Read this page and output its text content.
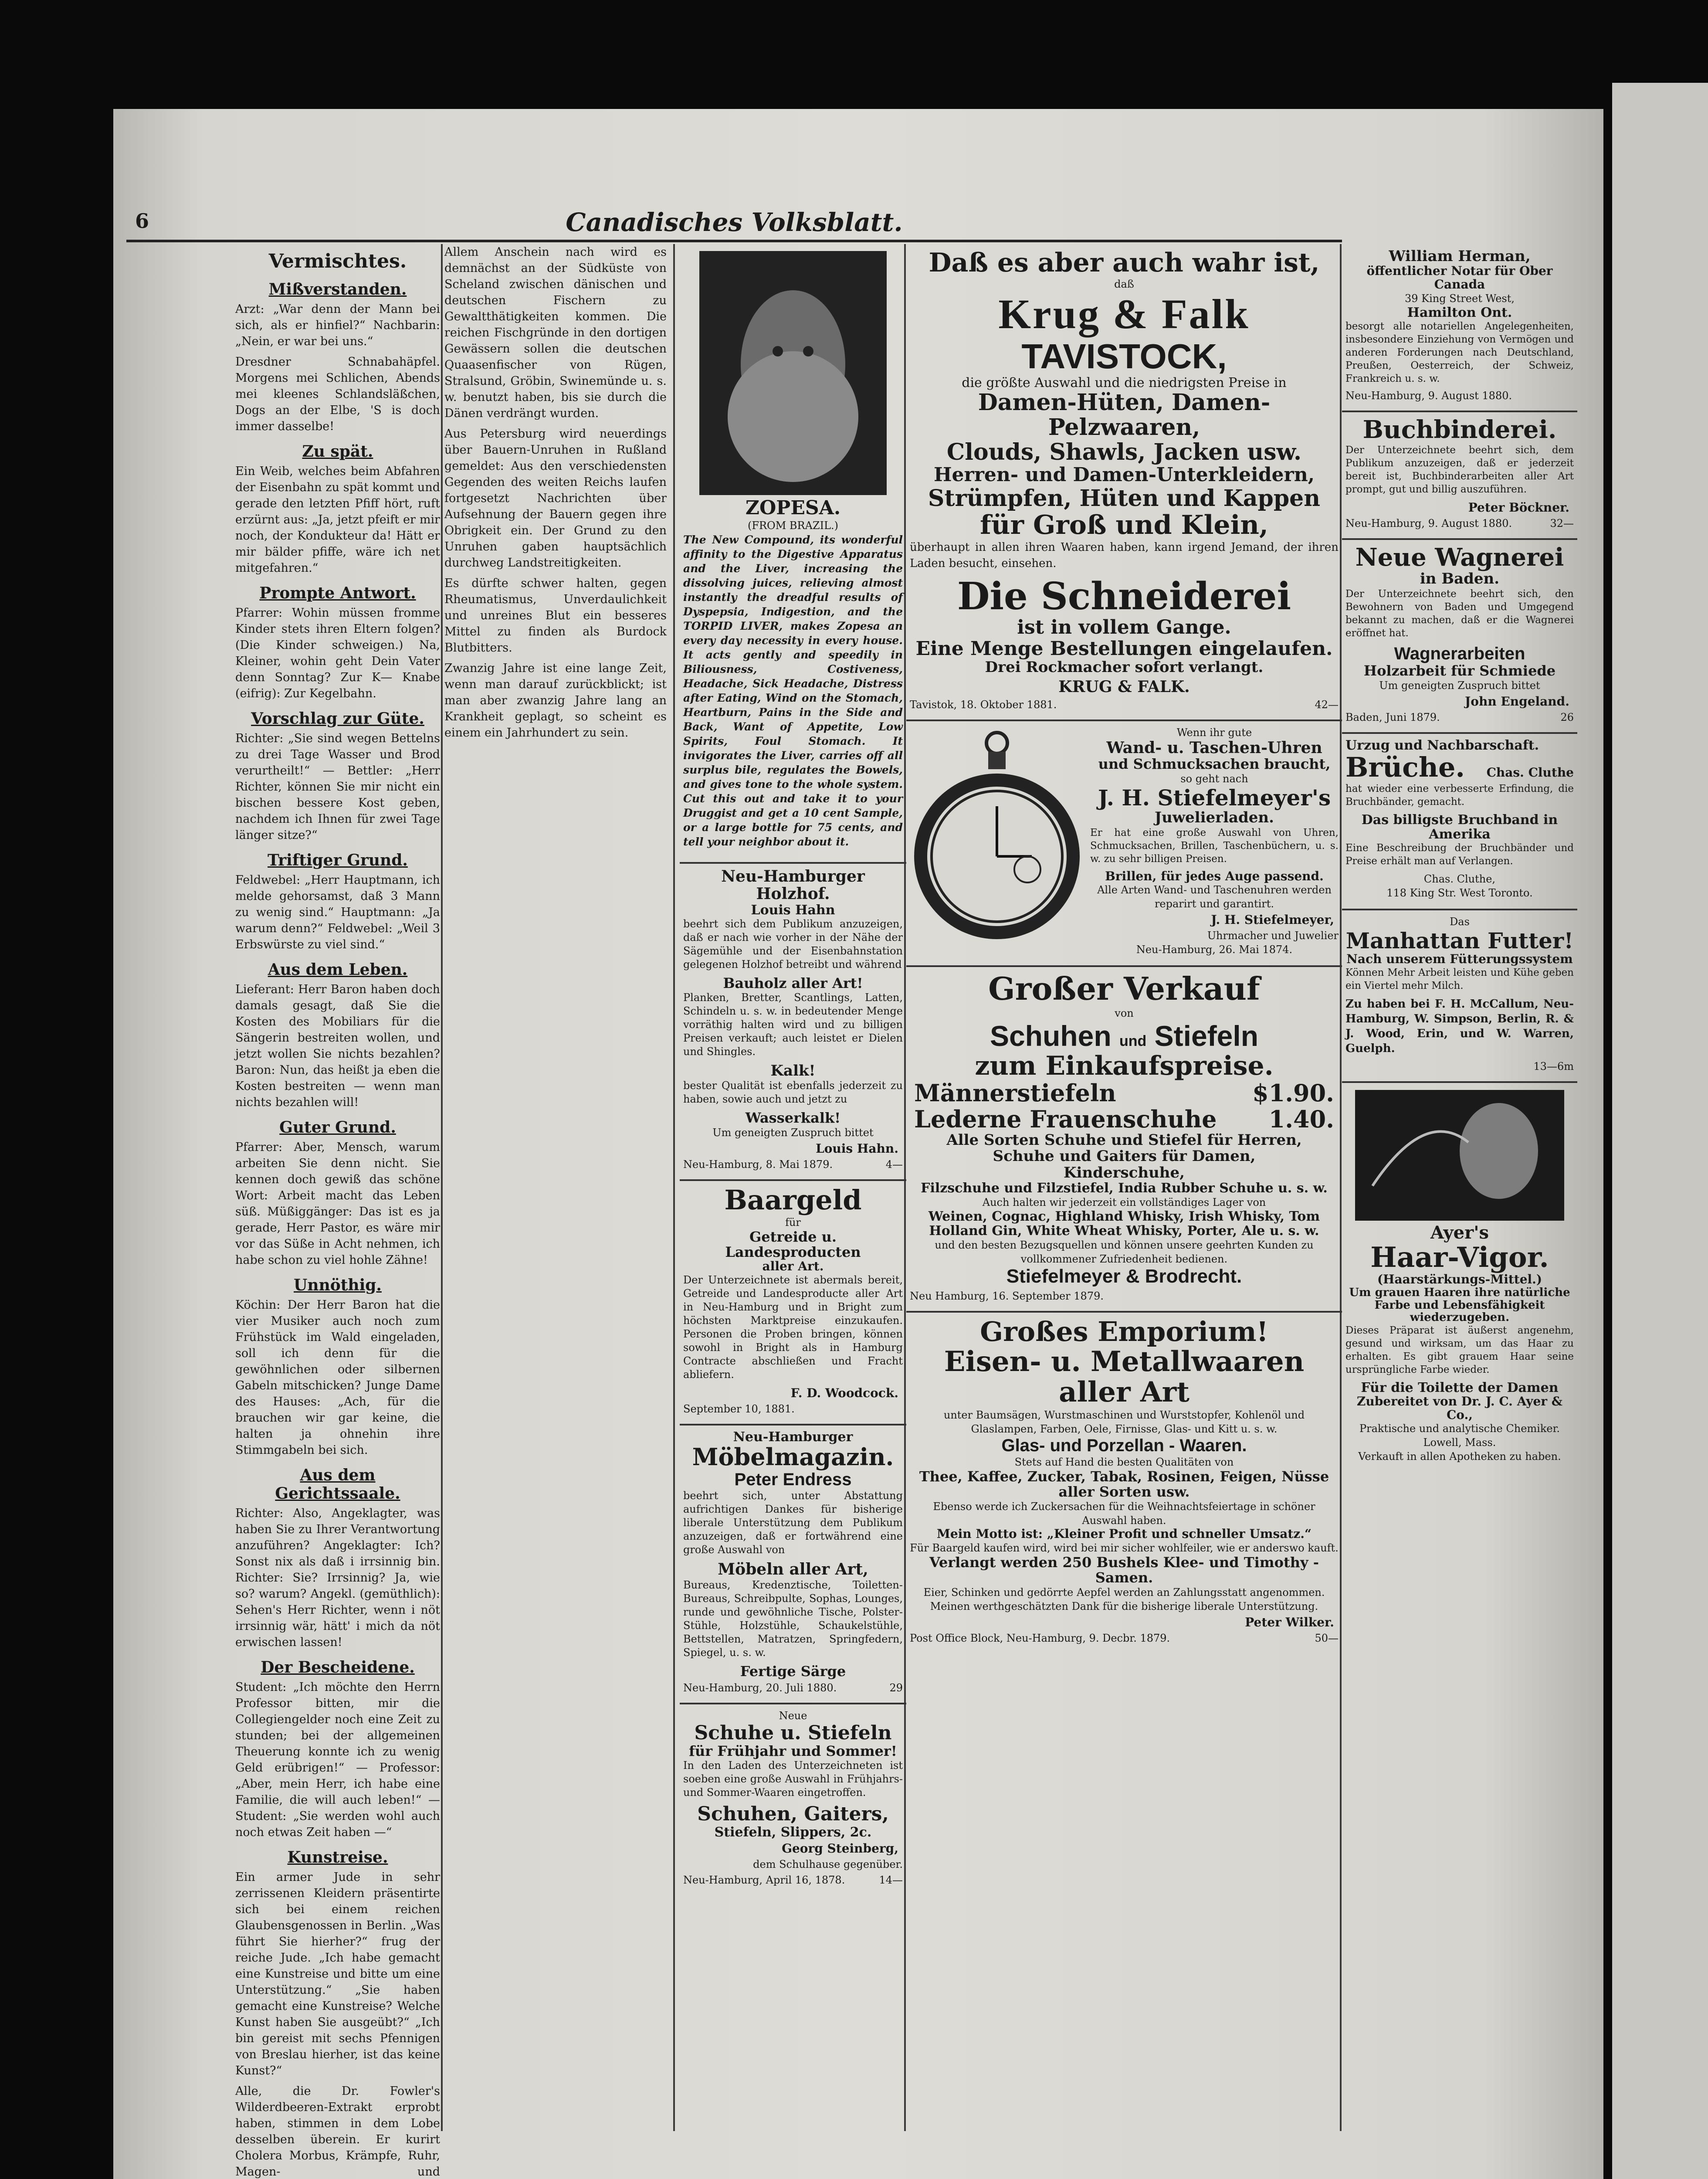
6	Canadisches Volksblatt.
Vermischtes.
Mißverstanden.

Arzt: „War denn der Mann bei sich, als er hinfiel?“ Nachbarin: „Nein, er war bei uns.“

Dresdner Schnabahäpfel. Morgens mei Schlichen, Abends mei kleenes Schlandsläßchen, Dogs an der Elbe, 'S is doch immer dasselbe!

Zu spät.

Ein Weib, welches beim Abfahren der Eisenbahn zu spät kommt und gerade den letzten Pfiff hört, ruft erzürnt aus: „Ja, jetzt pfeift er mir noch, der Kondukteur da! Hätt er mir bälder pfiffe, wäre ich net mitgefahren.“

Prompte Antwort.

Pfarrer: Wohin müssen fromme Kinder stets ihren Eltern folgen? (Die Kinder schweigen.) Na, Kleiner, wohin geht Dein Vater denn Sonntag? Zur K— Knabe (eifrig): Zur Kegelbahn.

Vorschlag zur Güte.

Richter: „Sie sind wegen Bettelns zu drei Tage Wasser und Brod verurtheilt!“ — Bettler: „Herr Richter, können Sie mir nicht ein bischen bessere Kost geben, nachdem ich Ihnen für zwei Tage länger sitze?“

Triftiger Grund.

Feldwebel: „Herr Hauptmann, ich melde gehorsamst, daß 3 Mann zu wenig sind.“ Hauptmann: „Ja warum denn?“ Feldwebel: „Weil 3 Erbswürste zu viel sind.“

Aus dem Leben.

Lieferant: Herr Baron haben doch damals gesagt, daß Sie die Kosten des Mobiliars für die Sängerin bestreiten wollen, und jetzt wollen Sie nichts bezahlen? Baron: Nun, das heißt ja eben die Kosten bestreiten — wenn man nichts bezahlen will!

Guter Grund.

Pfarrer: Aber, Mensch, warum arbeiten Sie denn nicht. Sie kennen doch gewiß das schöne Wort: Arbeit macht das Leben süß. Müßiggänger: Das ist es ja gerade, Herr Pastor, es wäre mir vor das Süße in Acht nehmen, ich habe schon zu viel hohle Zähne!

Unnöthig.

Köchin: Der Herr Baron hat die vier Musiker auch noch zum Frühstück im Wald eingeladen, soll ich denn für die gewöhnlichen oder silbernen Gabeln mitschicken? Junge Dame des Hauses: „Ach, für die brauchen wir gar keine, die halten ja ohnehin ihre Stimmgabeln bei sich.

Aus dem Gerichtssaale.

Richter: Also, Angeklagter, was haben Sie zu Ihrer Verantwortung anzuführen? Angeklagter: Ich? Sonst nix als daß i irrsinnig bin. Richter: Sie? Irrsinnig? Ja, wie so? warum? Angekl. (gemüthlich): Sehen's Herr Richter, wenn i nöt irrsinnig wär, hätt' i mich da nöt erwischen lassen!

Der Bescheidene.

Student: „Ich möchte den Herrn Professor bitten, mir die Collegiengelder noch eine Zeit zu stunden; bei der allgemeinen Theuerung konnte ich zu wenig Geld erübrigen!“ — Professor: „Aber, mein Herr, ich habe eine Familie, die will auch leben!“ — Student: „Sie werden wohl auch noch etwas Zeit haben —“

Kunstreise.

Ein armer Jude in sehr zerrissenen Kleidern präsentirte sich bei einem reichen Glaubensgenossen in Berlin. „Was führt Sie hierher?“ frug der reiche Jude. „Ich habe gemacht eine Kunstreise und bitte um eine Unterstützung.“ „Sie haben gemacht eine Kunstreise? Welche Kunst haben Sie ausgeübt?“ „Ich bin gereist mit sechs Pfennigen von Breslau hierher, ist das keine Kunst?“

Alle, die Dr. Fowler's Wilderdbeeren-Extrakt erprobt haben, stimmen in dem Lobe desselben überein. Er kurirt Cholera Morbus, Krämpfe, Ruhr, Magen- und

Allem Anschein nach wird es demnächst an der Südküste von Scheland zwischen dänischen und deutschen Fischern zu Gewaltthätigkeiten kommen. Die reichen Fischgründe in den dortigen Gewässern sollen die deutschen Quaasenfischer von Rügen, Stralsund, Gröbin, Swinemünde u. s. w. benutzt haben, bis sie durch die Dänen verdrängt wurden.

Aus Petersburg wird neuerdings über Bauern-Unruhen in Rußland gemeldet: Aus den verschiedensten Gegenden des weiten Reichs laufen fortgesetzt Nachrichten über Aufsehnung der Bauern gegen ihre Obrigkeit ein. Der Grund zu den Unruhen gaben hauptsächlich durchweg Landstreitigkeiten.

Es dürfte schwer halten, gegen Rheumatismus, Unverdaulichkeit und unreines Blut ein besseres Mittel zu finden als Burdock Blutbitters.

Zwanzig Jahre ist eine lange Zeit, wenn man darauf zurückblickt; ist man aber zwanzig Jahre lang an Krankheit geplagt, so scheint es einem ein Jahrhundert zu sein.

ZOPESA.
(FROM BRAZIL.)

The New Compound, its wonderful affinity to the Digestive Apparatus and the Liver, increasing the dissolving juices, relieving almost instantly the dreadful results of Dyspepsia, Indigestion, and the TORPID LIVER, makes Zopesa an every day necessity in every house. It acts gently and speedily in Biliousness, Costiveness, Headache, Sick Headache, Distress after Eating, Wind on the Stomach, Heartburn, Pains in the Side and Back, Want of Appetite, Low Spirits, Foul Stomach. It invigorates the Liver, carries off all surplus bile, regulates the Bowels, and gives tone to the whole system. Cut this out and take it to your Druggist and get a 10 cent Sample, or a large bottle for 75 cents, and tell your neighbor about it.

Neu-Hamburger Holzhof.
Louis Hahn

beehrt sich dem Publikum anzuzeigen, daß er nach wie vorher in der Nähe der Sägemühle und der Eisenbahnstation gelegenen Holzhof betreibt und während

Bauholz aller Art!

Planken, Bretter, Scantlings, Latten, Schindeln u. s. w. in bedeutender Menge vorräthig halten wird und zu billigen Preisen verkauft; auch leistet er Dielen und Shingles.

Kalk!

bester Qualität ist ebenfalls jederzeit zu haben, sowie auch und jetzt zu

Wasserkalk!
Um geneigten Zuspruch bittet
Louis Hahn.
Neu-Hamburg, 8. Mai 1879.	4—
Baargeld
für
Getreide u. Landesproducten
aller Art.

Der Unterzeichnete ist abermals bereit, Getreide und Landesproducte aller Art in Neu-Hamburg und in Bright zum höchsten Marktpreise einzukaufen. Personen die Proben bringen, können sowohl in Bright als in Hamburg Contracte abschließen und Fracht abliefern.

F. D. Woodcock.
September 10, 1881.
Neu-Hamburger
Möbelmagazin.
Peter Endress

beehrt sich, unter Abstattung aufrichtigen Dankes für bisherige liberale Unterstützung dem Publikum anzuzeigen, daß er fortwährend eine große Auswahl von

Möbeln aller Art,

Bureaus, Kredenztische, Toiletten-Bureaus, Schreibpulte, Sophas, Lounges, runde und gewöhnliche Tische, Polster-Stühle, Holzstühle, Schaukelstühle, Bettstellen, Matratzen, Springfedern, Spiegel, u. s. w.

Fertige Särge
Neu-Hamburg, 20. Juli 1880.	29
Neue
Schuhe u. Stiefeln
für Frühjahr und Sommer!

In den Laden des Unterzeichneten ist soeben eine große Auswahl in Frühjahrs- und Sommer-Waaren eingetroffen.

Schuhen, Gaiters,
Stiefeln, Slippers, 2c.
Georg Steinberg,
dem Schulhause gegenüber.
Neu-Hamburg, April 16, 1878.	14—
Daß es aber auch wahr ist,
daß
Krug & Falk
TAVISTOCK,
die größte Auswahl und die niedrigsten Preise in
Damen-Hüten, Damen-Pelzwaaren,
Clouds, Shawls, Jacken usw.
Herren- und Damen-Unterkleidern,
Strümpfen, Hüten und Kappen
für Groß und Klein,

überhaupt in allen ihren Waaren haben, kann irgend Jemand, der ihren Laden besucht, einsehen.

Die Schneiderei
ist in vollem Gange.
Eine Menge Bestellungen eingelaufen.
Drei Rockmacher sofort verlangt.
KRUG & FALK.
Tavistok, 18. Oktober 1881.	42—
Wenn ihr gute
Wand- u. Taschen-Uhren
und Schmucksachen braucht,
so geht nach
J. H. Stiefelmeyer's
Juwelierladen.

Er hat eine große Auswahl von Uhren, Schmucksachen, Brillen, Taschenbüchern, u. s. w. zu sehr billigen Preisen.

Brillen, für jedes Auge passend.
Alle Arten Wand- und Taschenuhren werden reparirt und garantirt.
J. H. Stiefelmeyer,
Uhrmacher und Juwelier
Neu-Hamburg, 26. Mai 1874.
Großer Verkauf
von
Schuhen und Stiefeln
zum Einkaufspreise.
Männerstiefeln	$1.90.
Lederne Frauenschuhe 1.40.
Alle Sorten Schuhe und Stiefel für Herren,
Schuhe und Gaiters für Damen,
Kinderschuhe,
Filzschuhe und Filzstiefel, India Rubber Schuhe u. s. w.
Auch halten wir jederzeit ein vollständiges Lager von
Weinen, Cognac, Highland Whisky, Irish Whisky, Tom Holland Gin, White Wheat Whisky, Porter, Ale u. s. w.
und den besten Bezugsquellen und können unsere geehrten Kunden zu vollkommener Zufriedenheit bedienen.
Stiefelmeyer & Brodrecht.
Neu Hamburg, 16. September 1879.
Großes Emporium!
Eisen- u. Metallwaaren aller Art
unter Baumsägen, Wurstmaschinen und Wurststopfer, Kohlenöl und Glaslampen, Farben, Oele, Firnisse, Glas- und Kitt u. s. w.
Glas- und Porzellan - Waaren.
Stets auf Hand die besten Qualitäten von
Thee, Kaffee, Zucker, Tabak, Rosinen, Feigen, Nüsse aller Sorten usw.
Ebenso werde ich Zuckersachen für die Weihnachtsfeiertage in schöner Auswahl haben.
Mein Motto ist: „Kleiner Profit und schneller Umsatz.“
Für Baargeld kaufen wird, wird bei mir sicher wohlfeiler, wie er anderswo kauft.
Verlangt werden 250 Bushels Klee- und Timothy - Samen.
Eier, Schinken und gedörrte Aepfel werden an Zahlungsstatt angenommen.
Meinen werthgeschätzten Dank für die bisherige liberale Unterstützung.
Peter Wilker.
Post Office Block, Neu-Hamburg, 9. Decbr. 1879.	50—
William Herman,
öffentlicher Notar für Ober Canada
39 King Street West,
Hamilton Ont.

besorgt alle notariellen Angelegenheiten, insbesondere Einziehung von Vermögen und anderen Forderungen nach Deutschland, Preußen, Oesterreich, der Schweiz, Frankreich u. s. w.

Neu-Hamburg, 9. August 1880.
Buchbinderei.

Der Unterzeichnete beehrt sich, dem Publikum anzuzeigen, daß er jederzeit bereit ist, Buchbinderarbeiten aller Art prompt, gut und billig auszuführen.

Peter Böckner.
Neu-Hamburg, 9. August 1880.	32—
Neue Wagnerei
in Baden.

Der Unterzeichnete beehrt sich, den Bewohnern von Baden und Umgegend bekannt zu machen, daß er die Wagnerei eröffnet hat.

Wagnerarbeiten
Holzarbeit für Schmiede
Um geneigten Zuspruch bittet
John Engeland.
Baden, Juni 1879.	26
Urzug und Nachbarschaft.
Brüche. Chas. Cluthe

hat wieder eine verbesserte Erfindung, die Bruchbänder, gemacht.

Das billigste Bruchband in Amerika

Eine Beschreibung der Bruchbänder und Preise erhält man auf Verlangen.

Chas. Cluthe,
118 King Str. West Toronto.
Das
Manhattan Futter!
Nach unserem Fütterungssystem

Können Mehr Arbeit leisten und Kühe geben ein Viertel mehr Milch.

Zu haben bei F. H. McCallum, Neu-Hamburg, W. Simpson, Berlin, R. & J. Wood, Erin, und W. Warren, Guelph.

13—6m
Ayer's
Haar-Vigor.
(Haarstärkungs-Mittel.)
Um grauen Haaren ihre natürliche Farbe und Lebensfähigkeit wiederzugeben.

Dieses Präparat ist äußerst angenehm, gesund und wirksam, um das Haar zu erhalten. Es gibt grauem Haar seine ursprüngliche Farbe wieder.

Für die Toilette der Damen
Zubereitet von Dr. J. C. Ayer & Co.,
Praktische und analytische Chemiker.
Lowell, Mass.
Verkauft in allen Apotheken zu haben.
